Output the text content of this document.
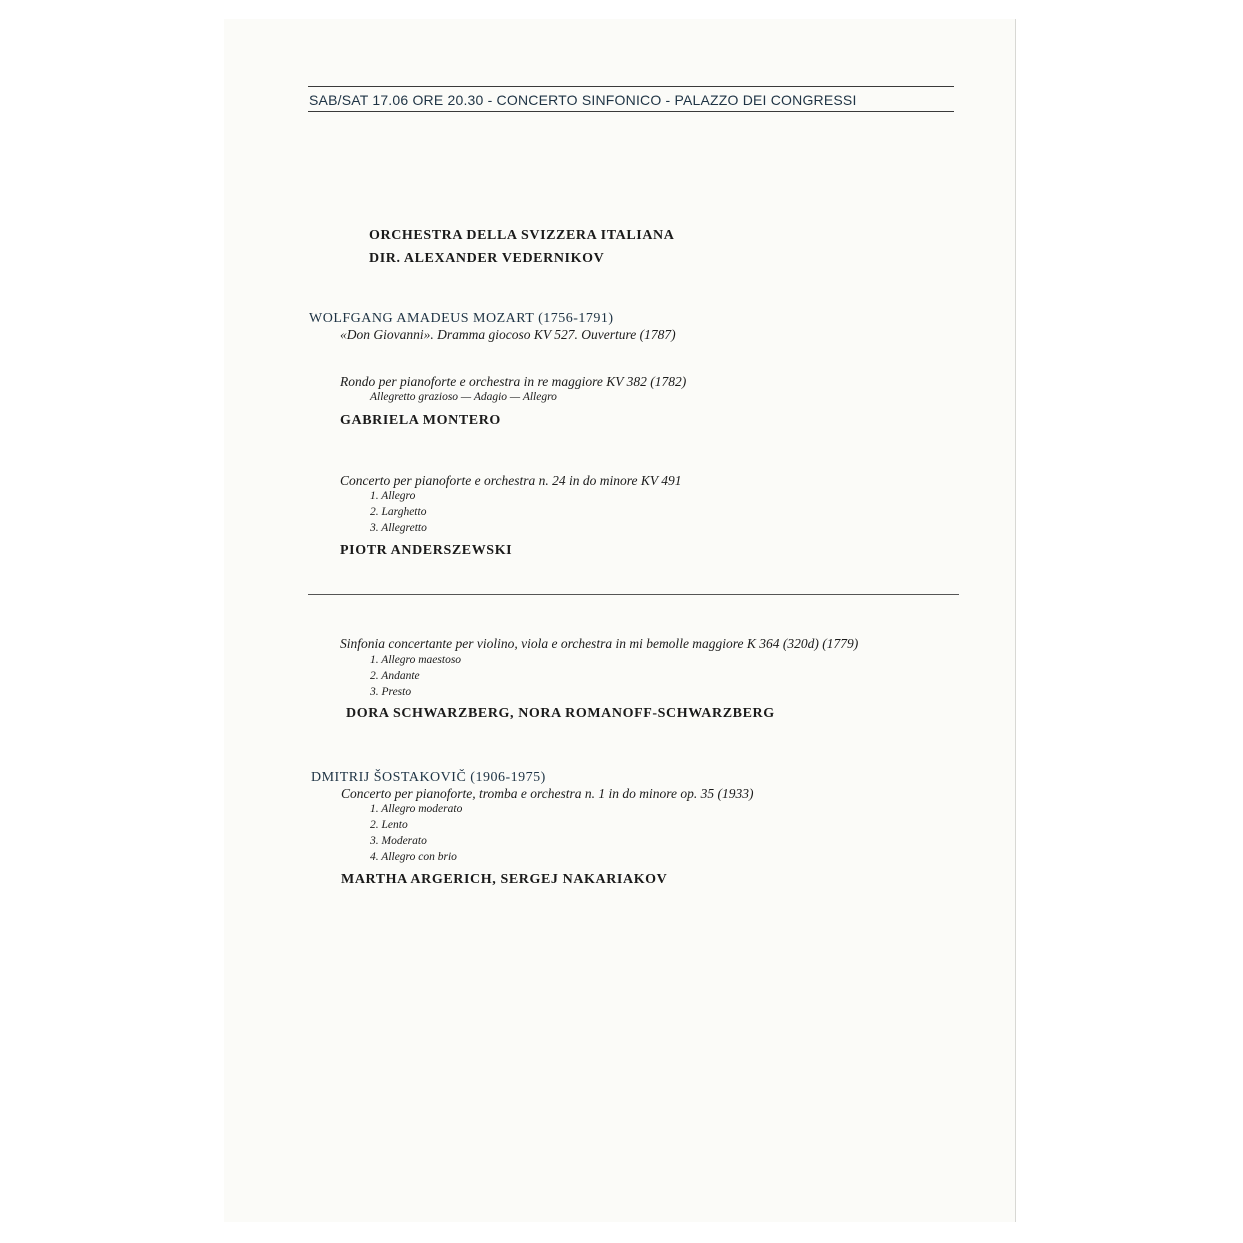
SAB/SAT 17.06 ORE 20.30 - CONCERTO SINFONICO - PALAZZO DEI CONGRESSI
ORCHESTRA DELLA SVIZZERA ITALIANA
DIR. ALEXANDER VEDERNIKOV
WOLFGANG AMADEUS MOZART (1756-1791)
«Don Giovanni». Dramma giocoso KV 527. Ouverture (1787)
Rondo per pianoforte e orchestra in re maggiore KV 382 (1782)
Allegretto grazioso — Adagio — Allegro
GABRIELA MONTERO
Concerto per pianoforte e orchestra n. 24 in do minore KV 491
1. Allegro
2. Larghetto
3. Allegretto
PIOTR ANDERSZEWSKI
Sinfonia concertante per violino, viola e orchestra in mi bemolle maggiore K 364 (320d) (1779)
1. Allegro maestoso
2. Andante
3. Presto
DORA SCHWARZBERG, NORA ROMANOFF-SCHWARZBERG
DMITRIJ ŠOSTAKOVIČ (1906-1975)
Concerto per pianoforte, tromba e orchestra n. 1 in do minore op. 35 (1933)
1. Allegro moderato
2. Lento
3. Moderato
4. Allegro con brio
MARTHA ARGERICH, SERGEJ NAKARIAKOV
